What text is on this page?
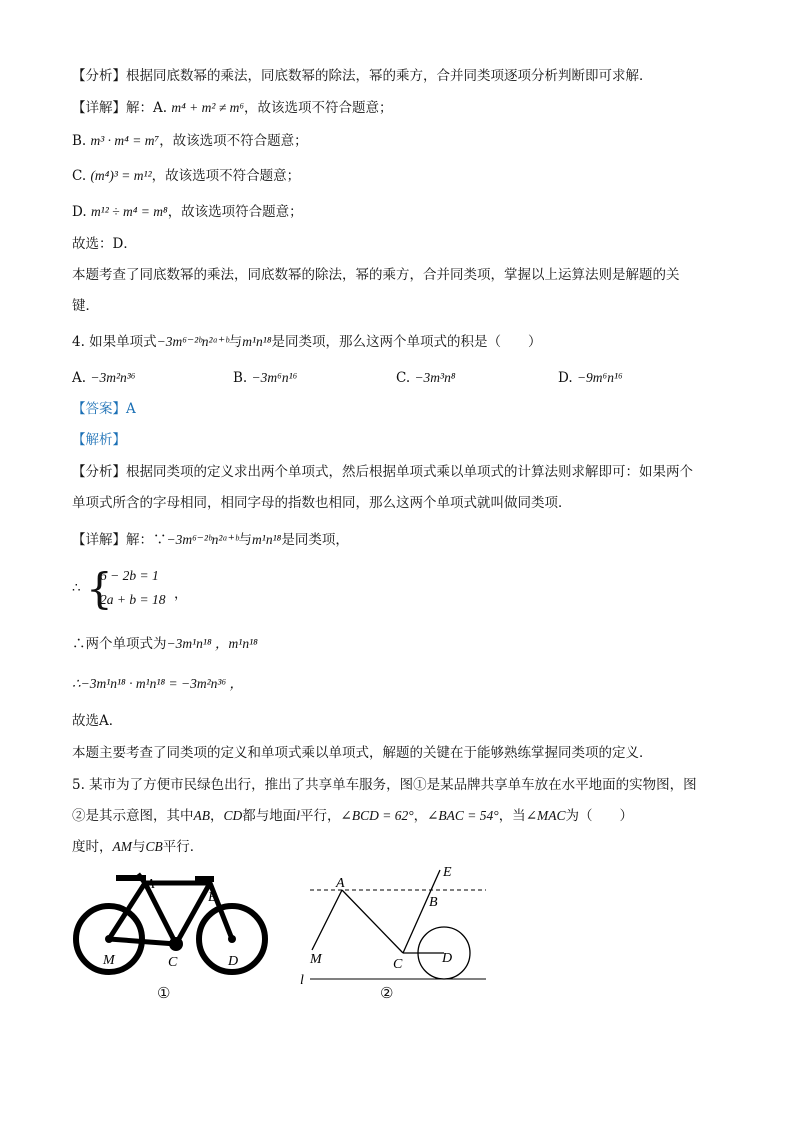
【分析】根据同底数幂的乘法，同底数幂的除法，幂的乘方，合并同类项逐项分析判断即可求解．
【详解】解：A. m⁴ + m² ≠ m⁶，故该选项不符合题意；
B. m³ · m⁴ = m⁷，故该选项不符合题意；
C. (m⁴)³ = m¹²，故该选项不符合题意；
D. m¹² ÷ m⁴ = m⁸，故该选项符合题意；
故选：D．
本题考查了同底数幂的乘法，同底数幂的除法，幂的乘方，合并同类项，掌握以上运算法则是解题的关
键．
4. 如果单项式−3m⁶⁻²ᵇn²ᵃ⁺ᵇ与m¹n¹⁸是同类项，那么这两个单项式的积是（　　）
A. −3m²n³⁶	B. −3m⁶n¹⁶	C. −3m³n⁸	D. −9m⁶n¹⁶
【答案】A
【解析】
【分析】根据同类项的定义求出两个单项式，然后根据单项式乘以单项式的计算法则求解即可：如果两个
单项式所含的字母相同，相同字母的指数也相同，那么这两个单项式就叫做同类项．
【详解】解：∵−3m⁶⁻²ᵇn²ᵃ⁺ᵇ与m¹n¹⁸是同类项，
∴ {
6 − 2b = 1
2a + b = 18 ，
∴两个单项式为−3m¹n¹⁸ ，m¹n¹⁸
∴−3m¹n¹⁸ · m¹n¹⁸ = −3m²n³⁶ ，
故选A．
本题主要考查了同类项的定义和单项式乘以单项式，解题的关键在于能够熟练掌握同类项的定义．
5. 某市为了方便市民绿色出行，推出了共享单车服务，图①是某品牌共享单车放在水平地面的实物图，图
②是其示意图，其中AB，CD都与地面l平行，∠BCD = 62°，∠BAC = 54°，当∠MAC为（　　）
度时，AM与CB平行．
A
B
C	D
M
①
A
B
E
C	D
M
l
②
